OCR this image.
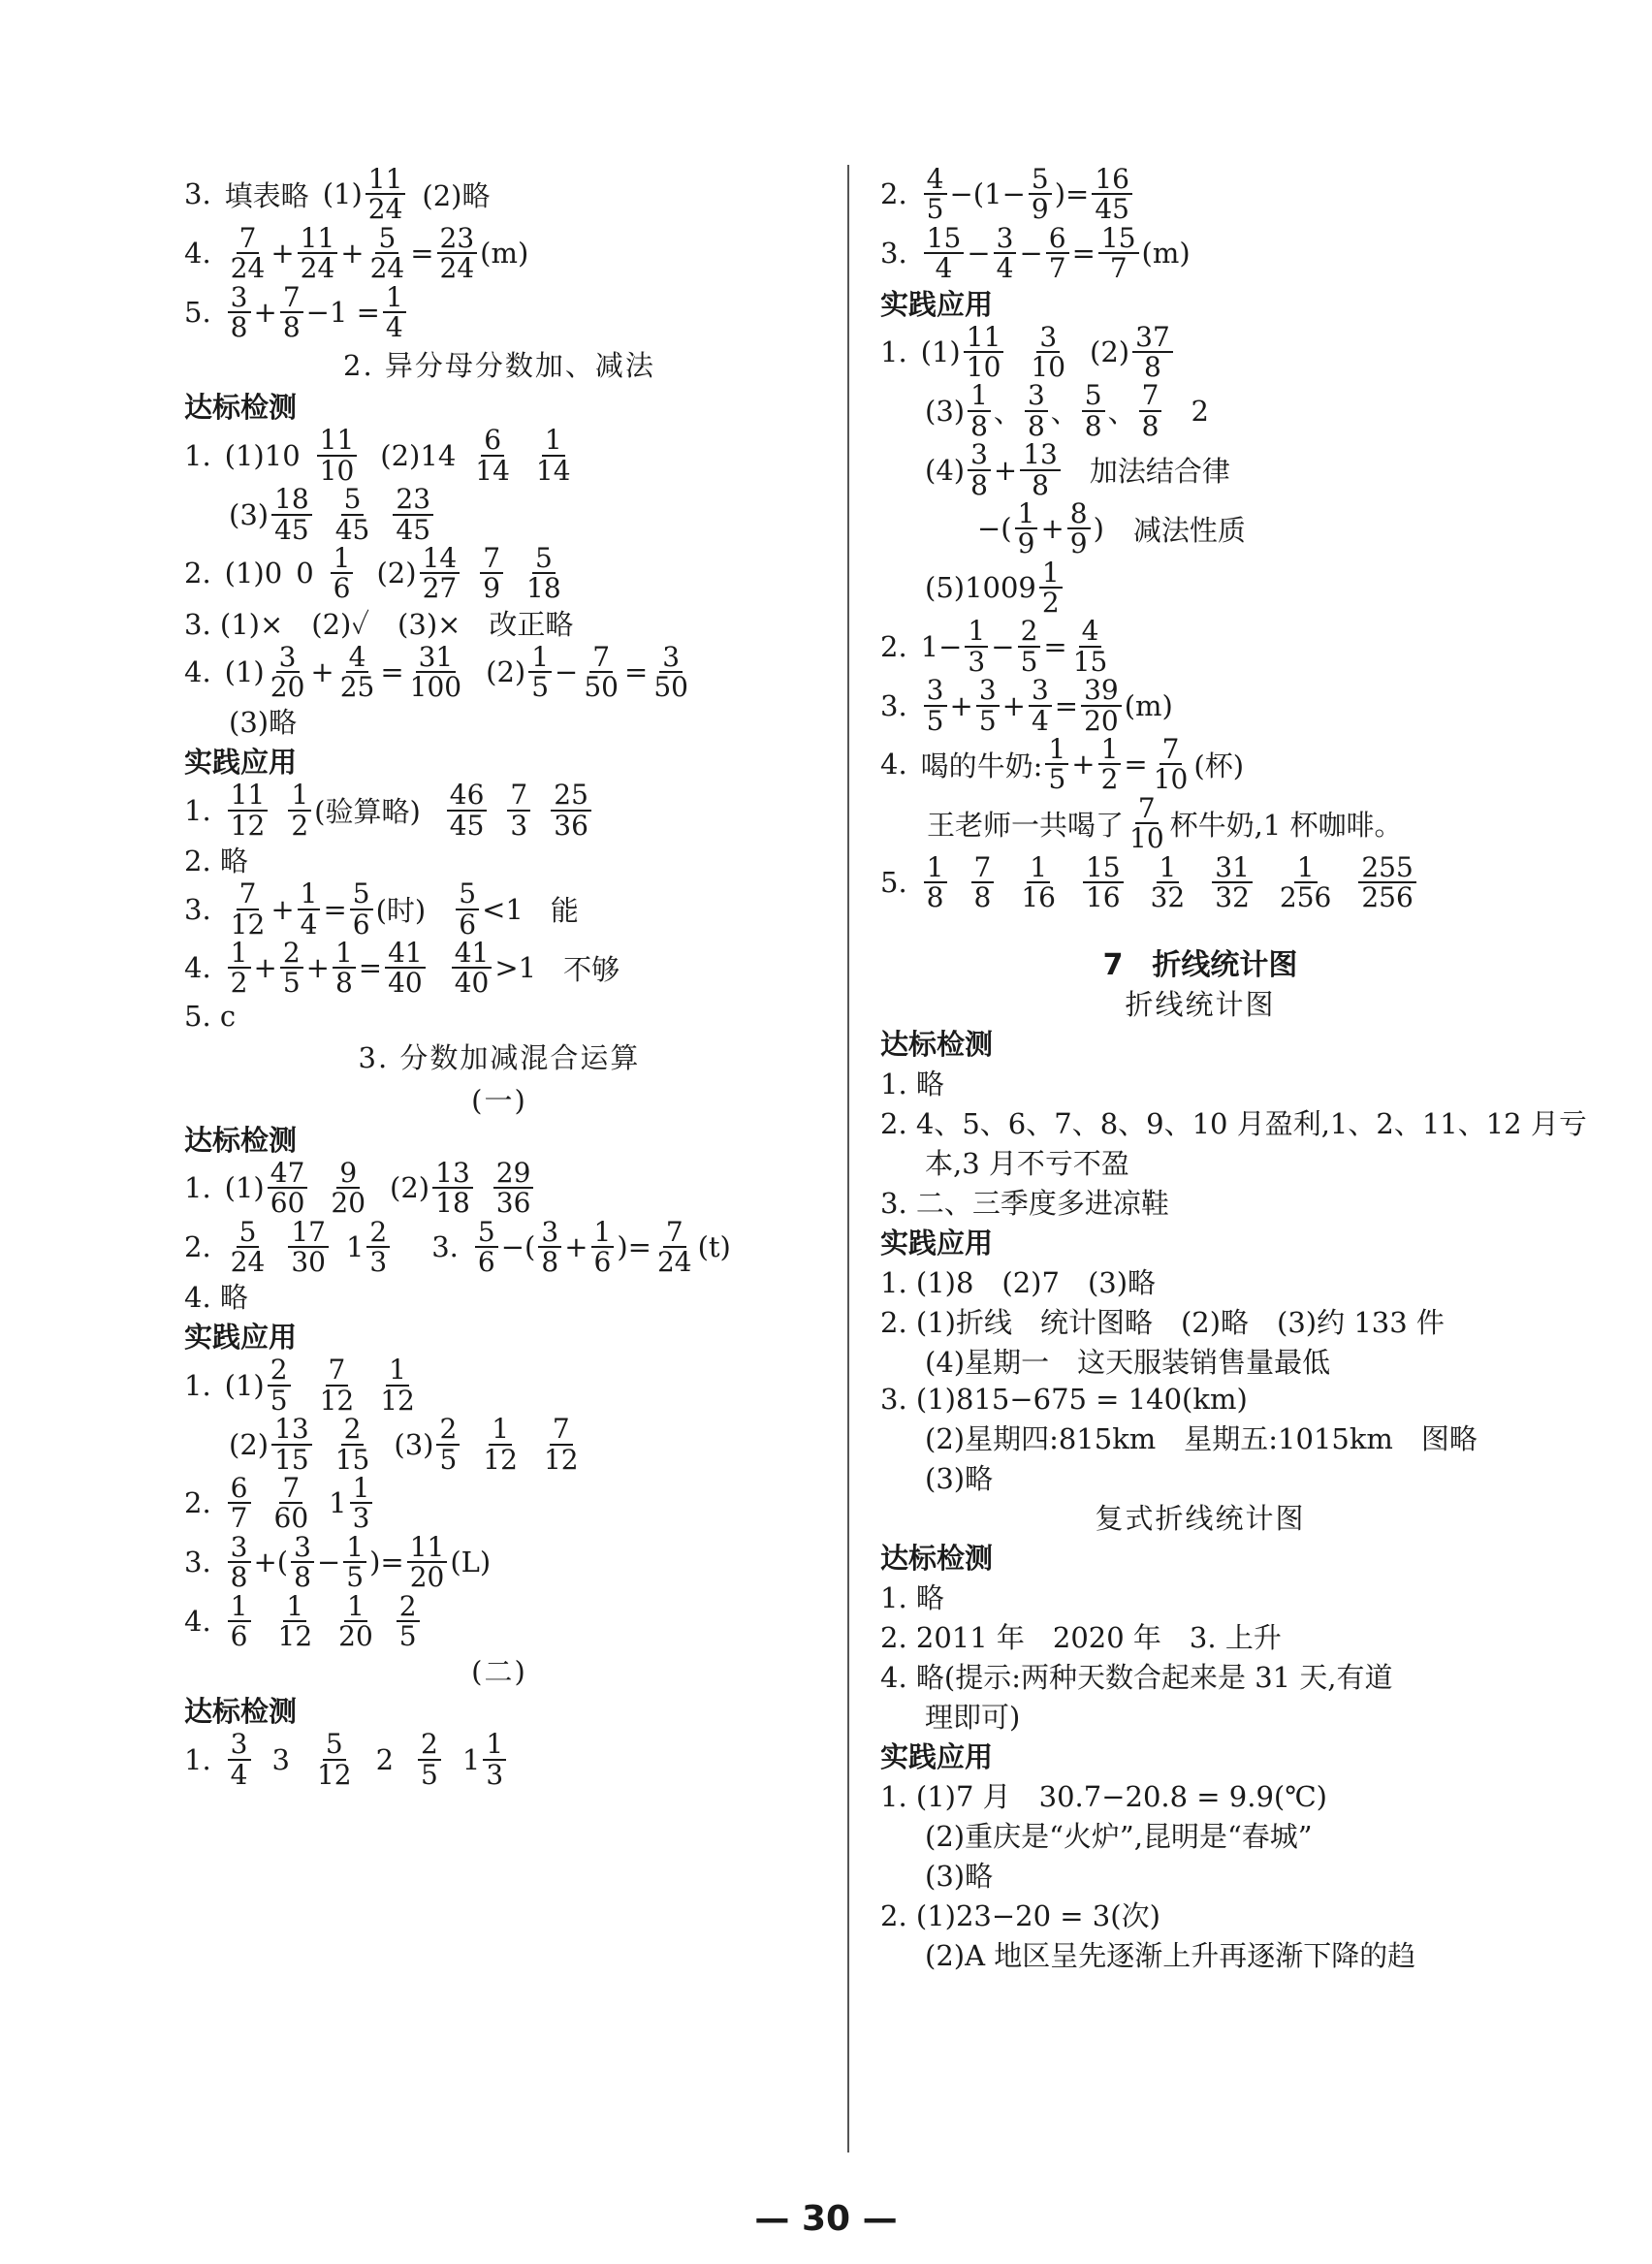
3. 填表略 $(1) \frac{11}{24} (2)$略
4. $\frac{7}{24} + \frac{11}{24} + \frac{5}{24} = \frac{23}{24} (m)$
5. $\frac{3}{8} + \frac{7}{8} -1 = \frac{1}{4}$
2. 异分母分数加、减法
达标检测
1. $(1)10 \frac{11}{10} (2)14 \frac{6}{14} \frac{1}{14}$
$(3) \frac{18}{45} \frac{5}{45} \frac{23}{45}$
2. (1)0 $0 \frac{1}{6} (2) \frac{14}{27} \frac{7}{9} \frac{5}{18}$
3. (1)×　(2)✓　(3)×　改正略
4. $(1) \frac{3}{20} + \frac{4}{25} = \frac{31}{100} (2) \frac{1}{5} - \frac{7}{50} = \frac{3}{50}$
(3)略
实践应用
1. $\frac{11}{12} \frac{1}{2}$ (验算略) $\frac{46}{45} \frac{7}{3} \frac{25}{36}$
2. 略
3. $\frac{7}{12} + \frac{1}{4} = \frac{5}{6}$ (时) $\frac{5}{6} <1$ 能
4. $\frac{1}{2} + \frac{2}{5} + \frac{1}{8} = \frac{41}{40} \frac{41}{40} >1$ 不够
5. c
3. 分数加减混合运算
(一)
达标检测
1. $(1) \frac{47}{60} \frac{9}{20} (2) \frac{13}{18} \frac{29}{36}$
2. $\frac{5}{24} \frac{17}{30} 1 \frac{2}{3} 3$. $\frac{5}{6}$ −( $\frac{3}{8} + \frac{1}{6}$ )= $\frac{7}{24} (t)$
4. 略
实践应用
1. $(1) \frac{2}{5} \frac{7}{12} \frac{1}{12}$
$(2) \frac{13}{15} \frac{2}{15} (3) \frac{2}{5} \frac{1}{12} \frac{7}{12}$
2. $\frac{6}{7} \frac{7}{60} 1 \frac{1}{3}$
3. $\frac{3}{8}$ +( $\frac{3}{8} - \frac{1}{5}$ )= $\frac{11}{20} (L)$
4. $\frac{1}{6} \frac{1}{12} \frac{1}{20} \frac{2}{5}$
(二)
达标检测
1. $\frac{3}{4} 3 \frac{5}{12} 2 \frac{2}{5} 1 \frac{1}{3}$
2. $\frac{4}{5} -(1- \frac{5}{9}$ )= $\frac{16}{45}$
3. $\frac{15}{4} - \frac{3}{4} - \frac{6}{7} = \frac{15}{7} (m)$
实践应用
1. $(1) \frac{11}{10} \frac{3}{10} (2) \frac{37}{8}$
$(3) \frac{1}{8}$ 、 $\frac{3}{8}$ 、 $\frac{5}{8}$ 、 $\frac{7}{8} 2$
$(4) \frac{3}{8} + \frac{13}{8}$ 加法结合律
−( $\frac{1}{9} + \frac{8}{9}$ ) 减法性质
$(5)1009 \frac{1}{2}$
2. $1- \frac{1}{3} - \frac{2}{5} = \frac{4}{15}$
3. $\frac{3}{5} + \frac{3}{5} + \frac{3}{4} = \frac{39}{20} (m)$
4. 喝的牛奶: $\frac{1}{5} + \frac{1}{2} = \frac{7}{10}$ (杯)
王老师一共喝了 $\frac{7}{10}$ 杯牛奶,1 杯咖啡。
5. $\frac{1}{8} \frac{7}{8} \frac{1}{16} \frac{15}{16} \frac{1}{32} \frac{31}{32} \frac{1}{256} \frac{255}{256}$
7　折线统计图
折线统计图
达标检测
1. 略
2. 4、5、6、7、8、9、10 月盈利,1、2、11、12 月亏
本,3 月不亏不盈
3. 二、三季度多进凉鞋
实践应用
1. (1)8　(2)7　(3)略
2. (1)折线　统计图略　(2)略　(3)约 133 件
(4)星期一　这天服装销售量最低
3. (1)815−675 = 140(km)
(2)星期四:815km　星期五:1015km　图略
(3)略
复式折线统计图
达标检测
1. 略
2. 2011 年　2020 年　3. 上升
4. 略(提示:两种天数合起来是 31 天,有道
理即可)
实践应用
1. (1)7 月　30.7−20.8 = 9.9(℃)
(2)重庆是“火炉”,昆明是“春城”
(3)略
2. (1)23−20 = 3(次)
(2)A 地区呈先逐渐上升再逐渐下降的趋
— 30 —
